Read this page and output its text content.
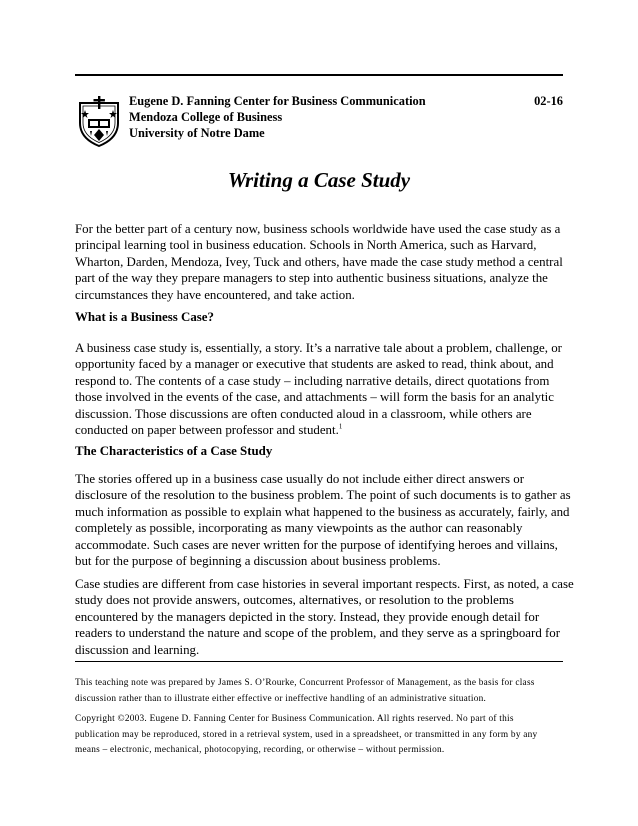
Eugene D. Fanning Center for Business Communication
Mendoza College of Business
University of Notre Dame
02-16
Writing a Case Study
For the better part of a century now, business schools worldwide have used the case study as a
principal learning tool in business education. Schools in North America, such as Harvard,
Wharton, Darden, Mendoza, Ivey, Tuck and others, have made the case study method a central
part of the way they prepare managers to step into authentic business situations, analyze the
circumstances they have encountered, and take action.
What is a Business Case?
A business case study is, essentially, a story. It’s a narrative tale about a problem, challenge, or
opportunity faced by a manager or executive that students are asked to read, think about, and
respond to. The contents of a case study – including narrative details, direct quotations from
those involved in the events of the case, and attachments – will form the basis for an analytic
discussion. Those discussions are often conducted aloud in a classroom, while others are
conducted on paper between professor and student.$^1$
The Characteristics of a Case Study
The stories offered up in a business case usually do not include either direct answers or
disclosure of the resolution to the business problem. The point of such documents is to gather as
much information as possible to explain what happened to the business as accurately, fairly, and
completely as possible, incorporating as many viewpoints as the author can reasonably
accommodate. Such cases are never written for the purpose of identifying heroes and villains,
but for the purpose of beginning a discussion about business problems.
Case studies are different from case histories in several important respects. First, as noted, a case
study does not provide answers, outcomes, alternatives, or resolution to the problems
encountered by the managers depicted in the story. Instead, they provide enough detail for
readers to understand the nature and scope of the problem, and they serve as a springboard for
discussion and learning.
This teaching note was prepared by James S. O’Rourke, Concurrent Professor of Management, as the basis for class
discussion rather than to illustrate either effective or ineffective handling of an administrative situation.
Copyright ©2003. Eugene D. Fanning Center for Business Communication. All rights reserved. No part of this
publication may be reproduced, stored in a retrieval system, used in a spreadsheet, or transmitted in any form by any
means – electronic, mechanical, photocopying, recording, or otherwise – without permission.
